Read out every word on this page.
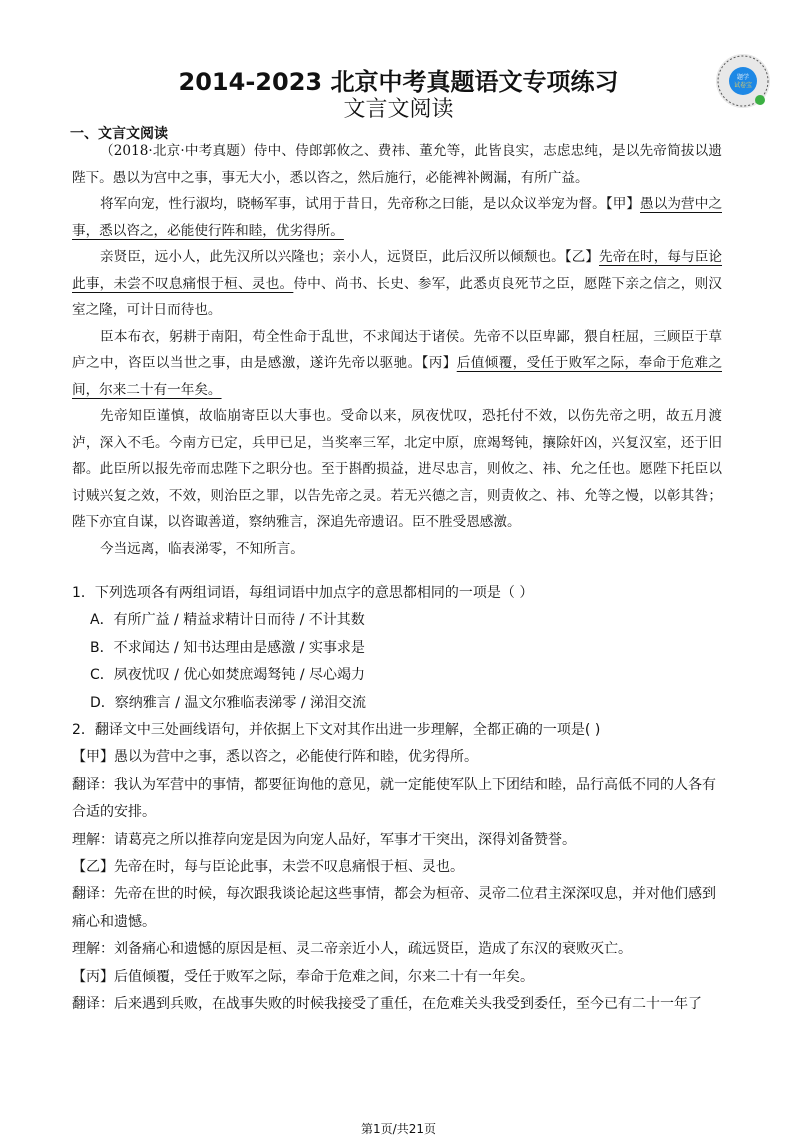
题学
试卷宝
2014-2023 北京中考真题语文专项练习
文言文阅读
一、文言文阅读

（2018·北京·中考真题）侍中、侍郎郭攸之、费祎、董允等，此皆良实，志虑忠纯，是以先帝简拔以遗陛下。愚以为宫中之事，事无大小，悉以咨之，然后施行，必能裨补阙漏，有所广益。

将军向宠，性行淑均，晓畅军事，试用于昔日，先帝称之曰能，是以众议举宠为督。【甲】愚以为营中之事，悉以咨之，必能使行阵和睦，优劣得所。

亲贤臣，远小人，此先汉所以兴隆也；亲小人，远贤臣，此后汉所以倾颓也。【乙】先帝在时，每与臣论此事，未尝不叹息痛恨于桓、灵也。侍中、尚书、长史、参军，此悉贞良死节之臣，愿陛下亲之信之，则汉室之隆，可计日而待也。

臣本布衣，躬耕于南阳，苟全性命于乱世，不求闻达于诸侯。先帝不以臣卑鄙，猥自枉屈，三顾臣于草庐之中，咨臣以当世之事，由是感激，遂许先帝以驱驰。【丙】后值倾覆，受任于败军之际，奉命于危难之间，尔来二十有一年矣。

先帝知臣谨慎，故临崩寄臣以大事也。受命以来，夙夜忧叹，恐托付不效，以伤先帝之明，故五月渡泸，深入不毛。今南方已定，兵甲已足，当奖率三军，北定中原，庶竭驽钝，攘除奸凶，兴复汉室，还于旧都。此臣所以报先帝而忠陛下之职分也。至于斟酌损益，进尽忠言，则攸之、祎、允之任也。愿陛下托臣以讨贼兴复之效，不效，则治臣之罪，以告先帝之灵。若无兴德之言，则责攸之、祎、允等之慢，以彰其咎；陛下亦宜自谋，以咨诹善道，察纳雅言，深追先帝遗诏。臣不胜受恩感激。

今当远离，临表涕零，不知所言。

1．下列选项各有两组词语，每组词语中加点字的意思都相同的一项是（ ）
A．有所广益 / 精益求精计日而待 / 不计其数
B．不求闻达 / 知书达理由是感激 / 实事求是
C．夙夜忧叹 / 优心如焚庶竭驽钝 / 尽心竭力
D．察纳雅言 / 温文尔雅临表涕零 / 涕泪交流
2．翻译文中三处画线语句，并依据上下文对其作出进一步理解，全都正确的一项是( )
【甲】愚以为营中之事，悉以咨之，必能使行阵和睦，优劣得所。
翻译：我认为军营中的事情，都要征询他的意见，就一定能使军队上下团结和睦，品行高低不同的人各有合适的安排。
理解：请葛亮之所以推荐向宠是因为向宠人品好，军事才干突出，深得刘备赞誉。
【乙】先帝在时，每与臣论此事，未尝不叹息痛恨于桓、灵也。
翻译：先帝在世的时候，每次跟我谈论起这些事情，都会为桓帝、灵帝二位君主深深叹息，并对他们感到痛心和遗憾。
理解：刘备痛心和遗憾的原因是桓、灵二帝亲近小人，疏远贤臣，造成了东汉的衰败灭亡。
【丙】后值倾覆，受任于败军之际，奉命于危难之间，尔来二十有一年矣。
翻译：后来遇到兵败，在战事失败的时候我接受了重任，在危难关头我受到委任，至今已有二十一年了
第1页/共21页
